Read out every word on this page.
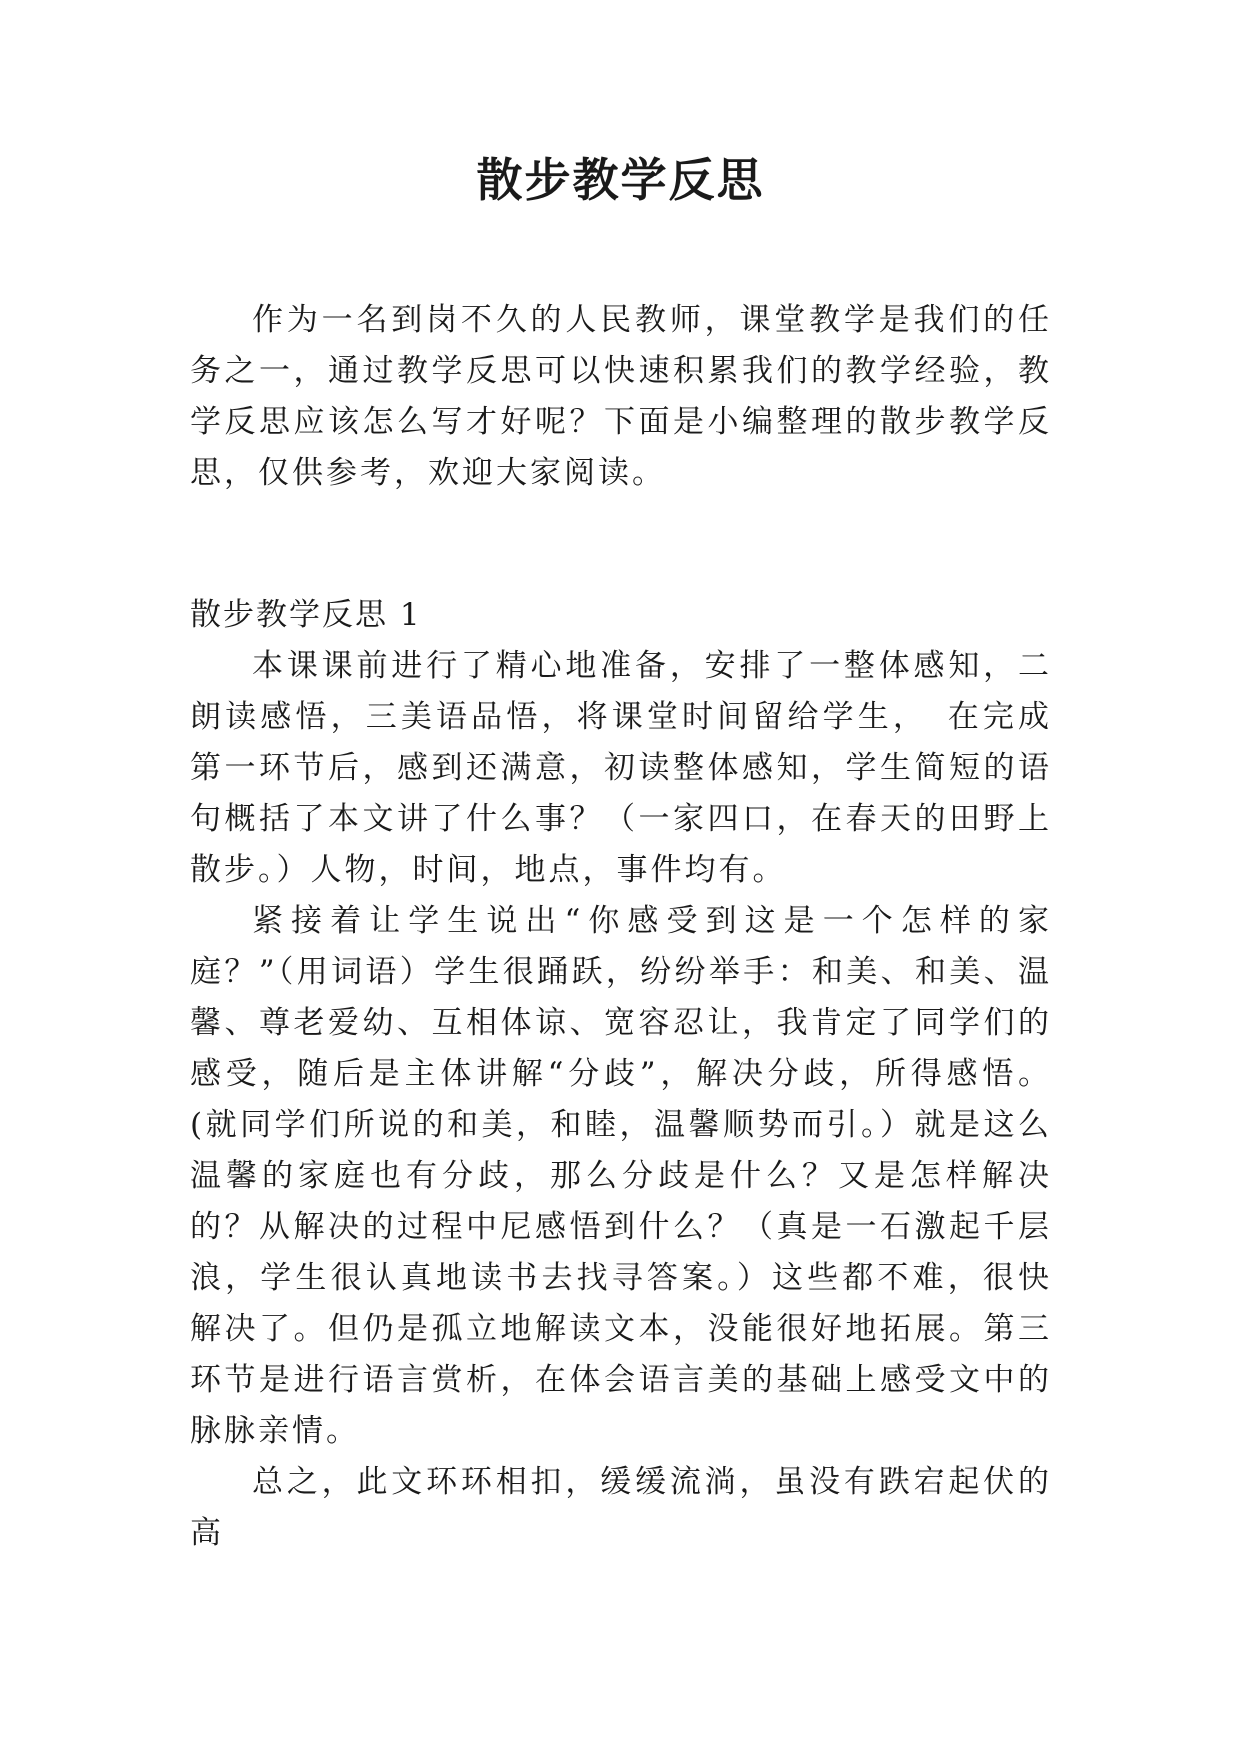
散步教学反思

作为一名到岗不久的人民教师，课堂教学是我们的任务之一，通过教学反思可以快速积累我们的教学经验，教学反思应该怎么写才好呢？下面是小编整理的散步教学反思，仅供参考，欢迎大家阅读。

散步教学反思 1

本课课前进行了精心地准备，安排了一整体感知，二朗读感悟，三美语品悟，将课堂时间留给学生，　在完成第一环节后，感到还满意，初读整体感知，学生简短的语句概括了本文讲了什么事？（一家四口，在春天的田野上散步。）人物，时间，地点，事件均有。

紧接着让学生说出“你感受到这是一个怎样的家庭？”（用词语）学生很踊跃，纷纷举手：和美、和美、温馨、尊老爱幼、互相体谅、宽容忍让，我肯定了同学们的感受，随后是主体讲解“分歧”，解决分歧，所得感悟。(就同学们所说的和美，和睦，温馨顺势而引。）就是这么温馨的家庭也有分歧，那么分歧是什么？又是怎样解决的？从解决的过程中尼感悟到什么？（真是一石激起千层浪，学生很认真地读书去找寻答案。）这些都不难，很快解决了。但仍是孤立地解读文本，没能很好地拓展。第三环节是进行语言赏析，在体会语言美的基础上感受文中的脉脉亲情。

总之，此文环环相扣，缓缓流淌，虽没有跌宕起伏的高
